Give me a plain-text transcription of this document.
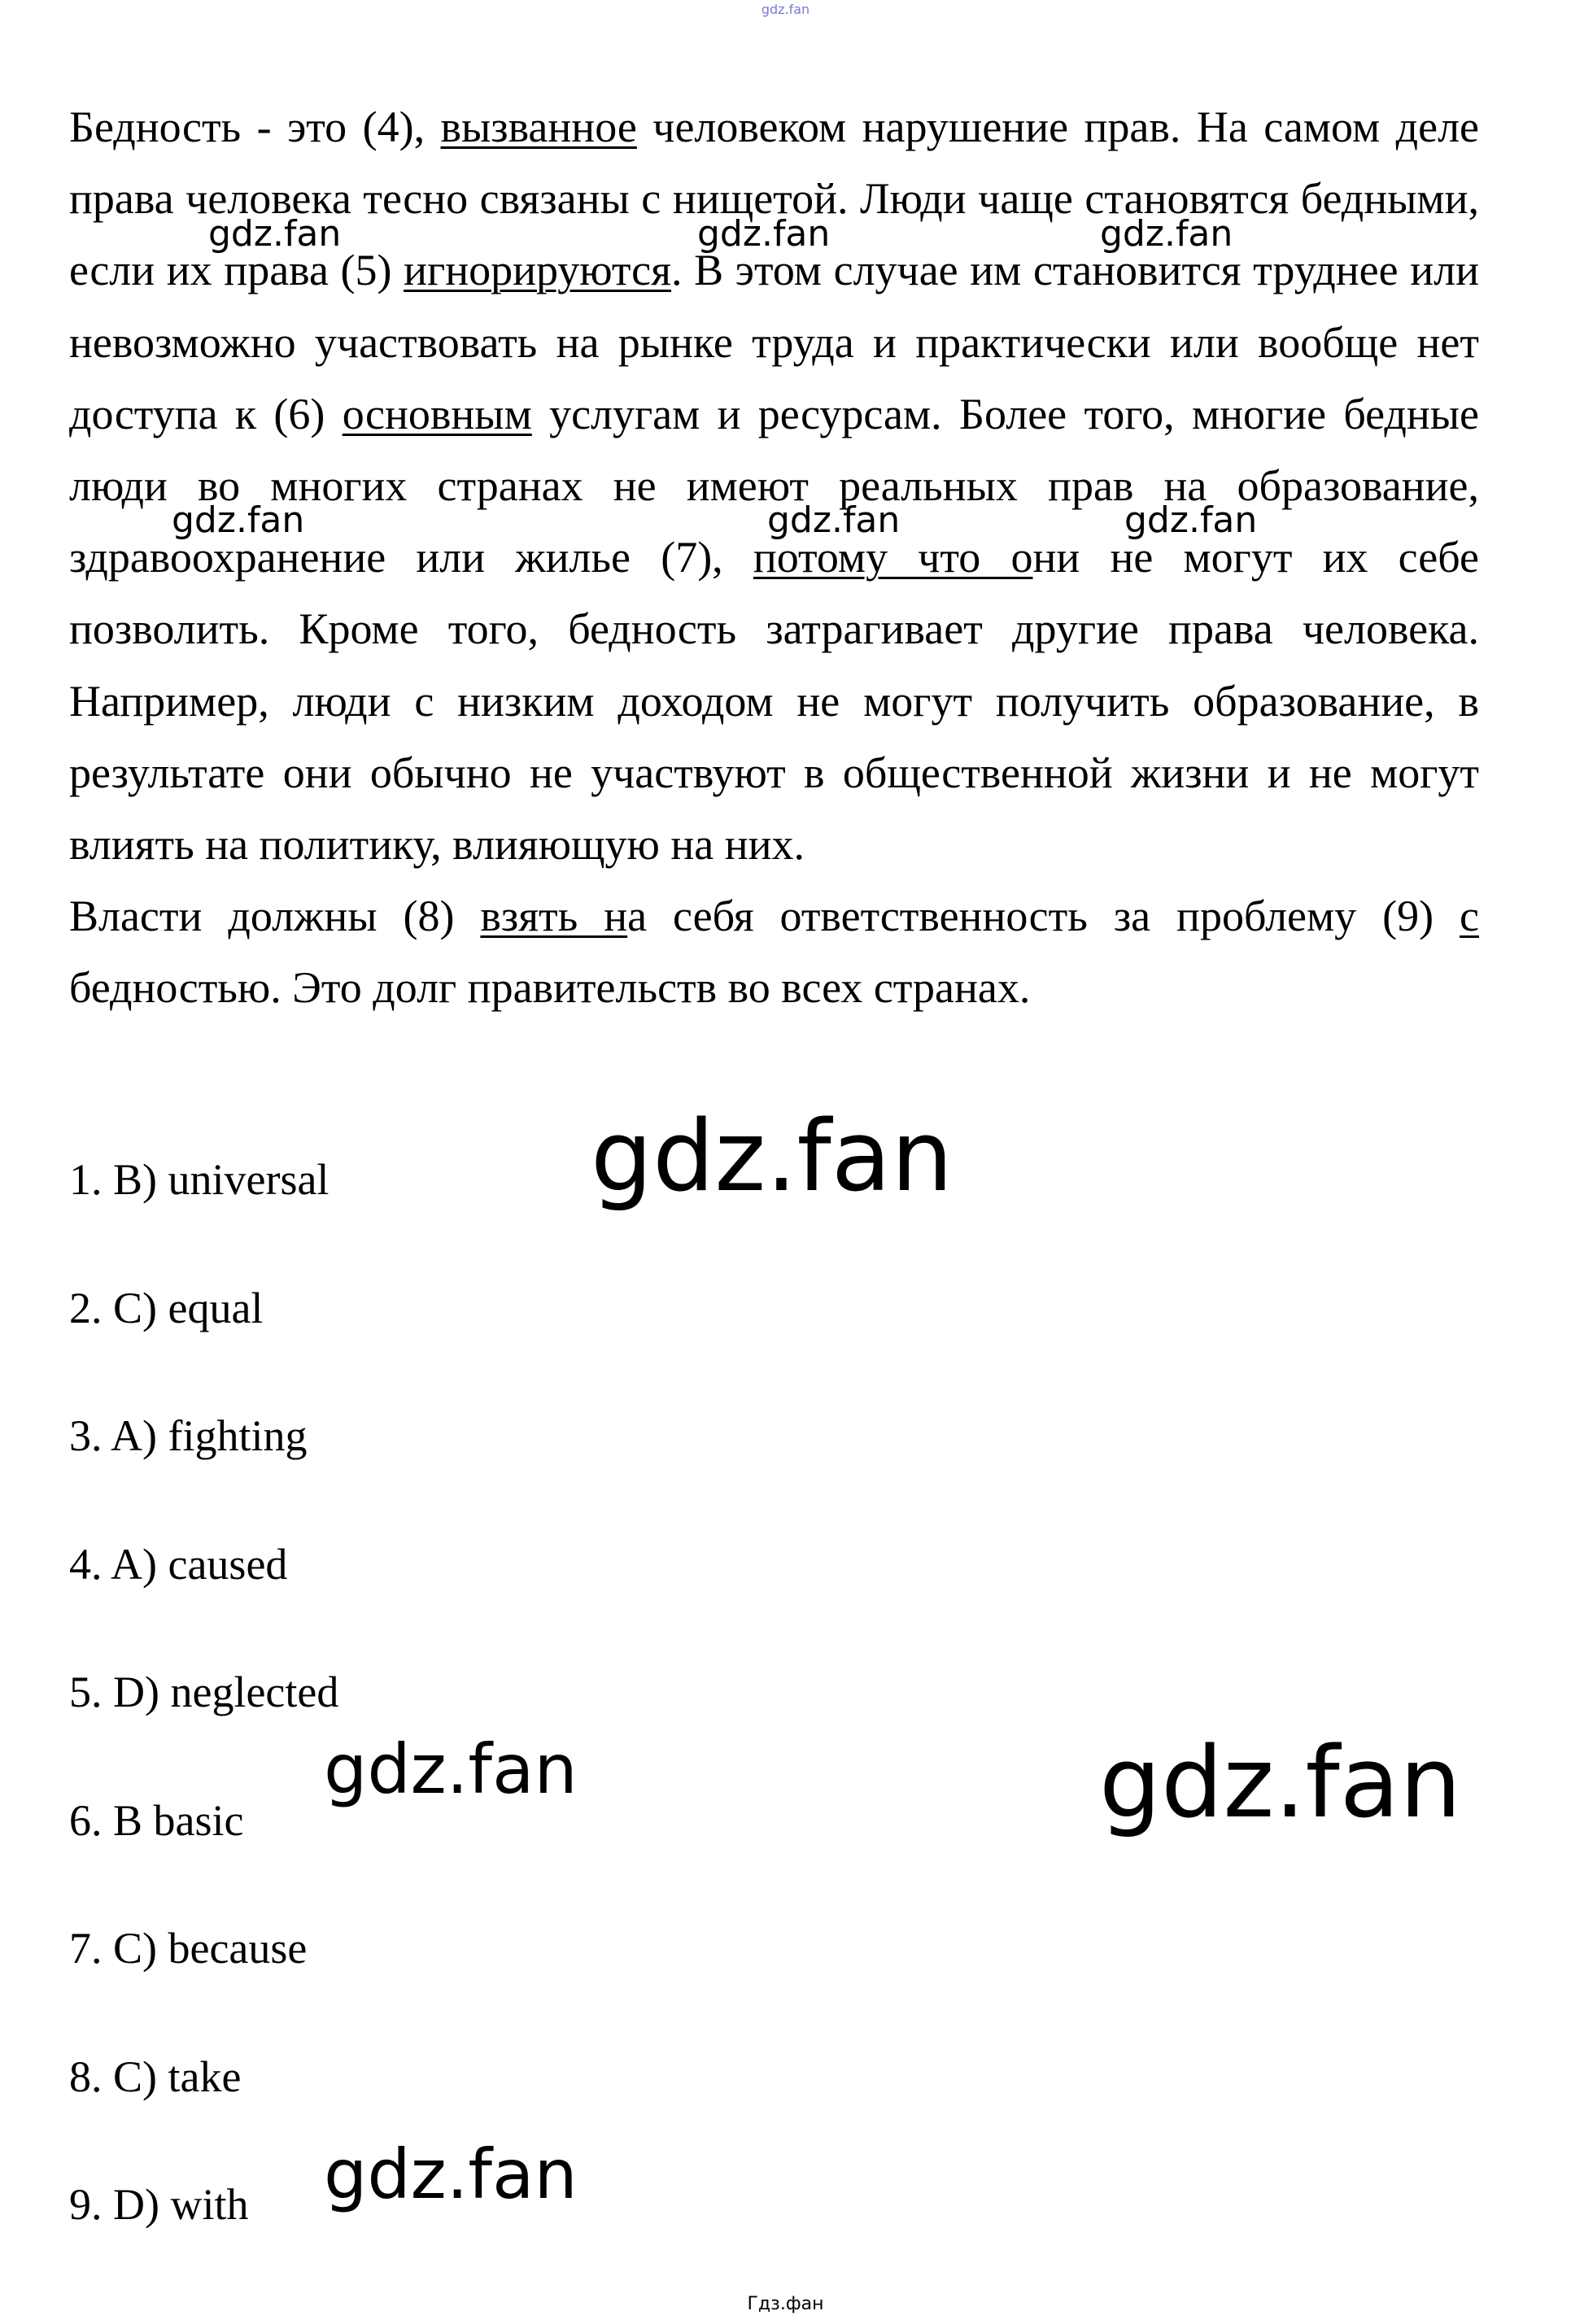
gdz.fan

Бедность - это (4), вызванное человеком нарушение прав. На самом деле права человека тесно связаны с нищетой. Люди чаще становятся бедными, если их права (5) игнорируются. В этом случае им становится труднее или невозможно участвовать на рынке труда и практически или вообще нет доступа к (6) основным услугам и ресурсам. Более того, многие бедные люди во многих странах не имеют реальных прав на образование, здравоохранение или жилье (7), потому что они не могут их себе позволить. Кроме того, бедность затрагивает другие права человека. Например, люди с низким доходом не могут получить образование, в результате они обычно не участвуют в общественной жизни и не могут влиять на политику, влияющую на них.

Власти должны (8) взять на себя ответственность за проблему (9) с бедностью. Это долг правительств во всех странах.

1. B) universal
2. C) equal
3. A) fighting
4. A) caused
5. D) neglected
6. B basic
7. C) because
8. C) take
9. D) with
gdz.fan	gdz.fan	gdz.fan
gdz.fan	gdz.fan	gdz.fan
gdz.fan
gdz.fan	gdz.fan
gdz.fan
Гдз.фан
